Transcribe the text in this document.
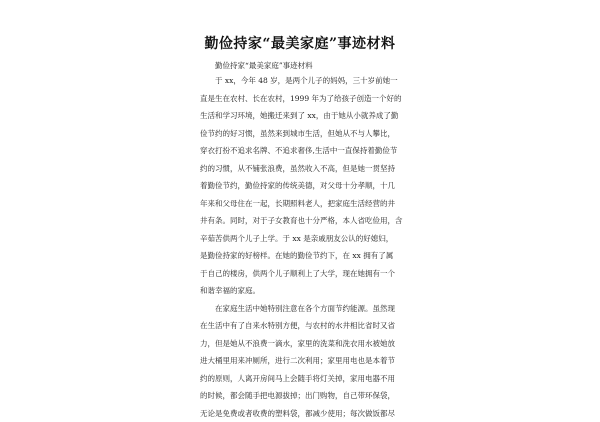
勤俭持家“最美家庭”事迹材料
勤俭持家“最美家庭”事迹材料
　　于 xx，今年 48 岁，是两个儿子的妈妈，三十岁前她一
直是生在农村、长在农村，1999 年为了给孩子创造一个好的
生活和学习环境，她搬迁来到了 xx，由于她从小就养成了勤
俭节约的好习惯，虽然来到城市生活，但她从不与人攀比，
穿衣打扮不追求名牌、不追求奢侈,生活中一直保持着勤俭节
约的习惯，从不铺张浪费，虽然收入不高，但是她一贯坚持
着勤俭节约，勤俭持家的传统美德，对父母十分孝顺，十几
年来和父母住在一起，长期照料老人，把家庭生活经营的井
井有条。同时，对于子女教育也十分严格，本人省吃俭用，含
辛茹苦供两个儿子上学。于 xx 是亲戚朋友公认的好媳妇，
是勤俭持家的好榜样。在她的勤俭节约下，在 xx 拥有了属
于自己的楼房，供两个儿子顺利上了大学，现在她拥有一个
和谐幸福的家庭。
　　在家庭生活中她特别注意在各个方面节约能源。虽然现
在生活中有了自来水特别方便，与农村的水井相比省时又省
力，但是她从不浪费一滴水，家里的洗菜和洗衣用水被她放
进大桶里用来冲厕所，进行二次利用；家里用电也是本着节
约的原则，人离开房间马上会随手将灯关掉，家用电器不用
的时候，都会随手把电源拔掉；出门购物，自己带环保袋，
无论是免费或者收费的塑料袋，都减少使用；每次做饭都尽
